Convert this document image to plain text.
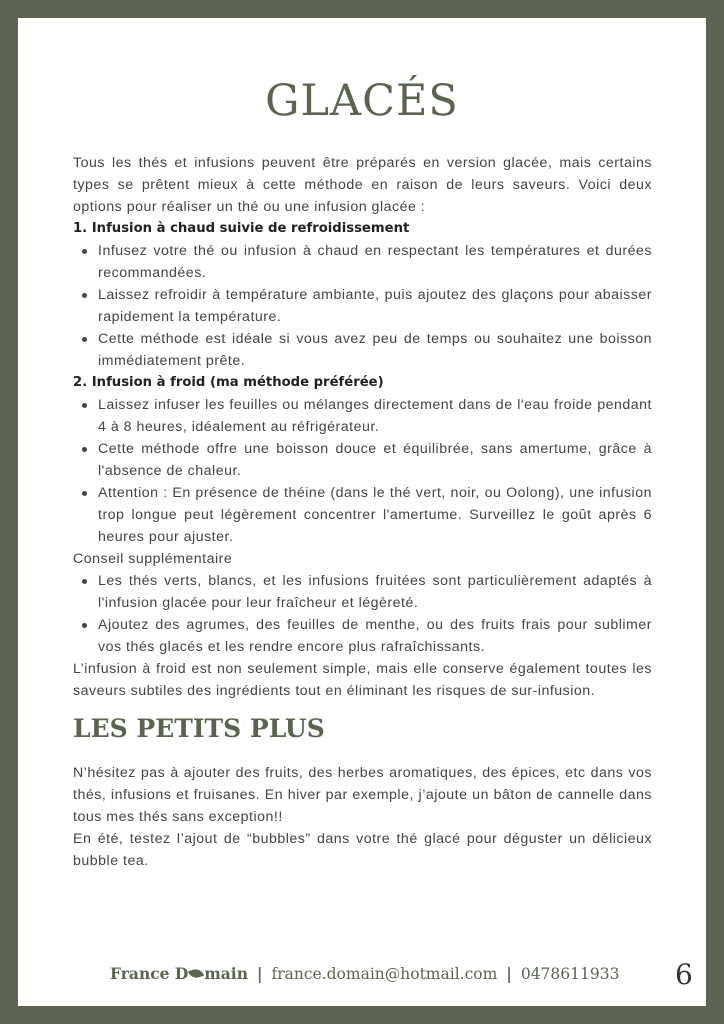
GLACÉS

Tous les thés et infusions peuvent être préparés en version glacée, mais certains types se prêtent mieux à cette méthode en raison de leurs saveurs. Voici deux options pour réaliser un thé ou une infusion glacée :

1. Infusion à chaud suivie de refroidissement

Infusez votre thé ou infusion à chaud en respectant les températures et durées recommandées.
Laissez refroidir à température ambiante, puis ajoutez des glaçons pour abaisser rapidement la température.
Cette méthode est idéale si vous avez peu de temps ou souhaitez une boisson immédiatement prête.

2. Infusion à froid (ma méthode préférée)

Laissez infuser les feuilles ou mélanges directement dans de l'eau froide pendant 4 à 8 heures, idéalement au réfrigérateur.
Cette méthode offre une boisson douce et équilibrée, sans amertume, grâce à l'absence de chaleur.
Attention : En présence de théine (dans le thé vert, noir, ou Oolong), une infusion trop longue peut légèrement concentrer l'amertume. Surveillez le goût après 6 heures pour ajuster.

Conseil supplémentaire

Les thés verts, blancs, et les infusions fruitées sont particulièrement adaptés à l'infusion glacée pour leur fraîcheur et légèreté.
Ajoutez des agrumes, des feuilles de menthe, ou des fruits frais pour sublimer vos thés glacés et les rendre encore plus rafraîchissants.

L’infusion à froid est non seulement simple, mais elle conserve également toutes les saveurs subtiles des ingrédients tout en éliminant les risques de sur-infusion.

LES PETITS PLUS

N’hésitez pas à ajouter des fruits, des herbes aromatiques, des épices, etc dans vos thés, infusions et fruisanes. En hiver par exemple, j’ajoute un bâton de cannelle dans tous mes thés sans exception!!

En été, testez l’ajout de “bubbles” dans votre thé glacé pour déguster un délicieux bubble tea.

France D main | france.domain@hotmail.com | 0478611933 6
